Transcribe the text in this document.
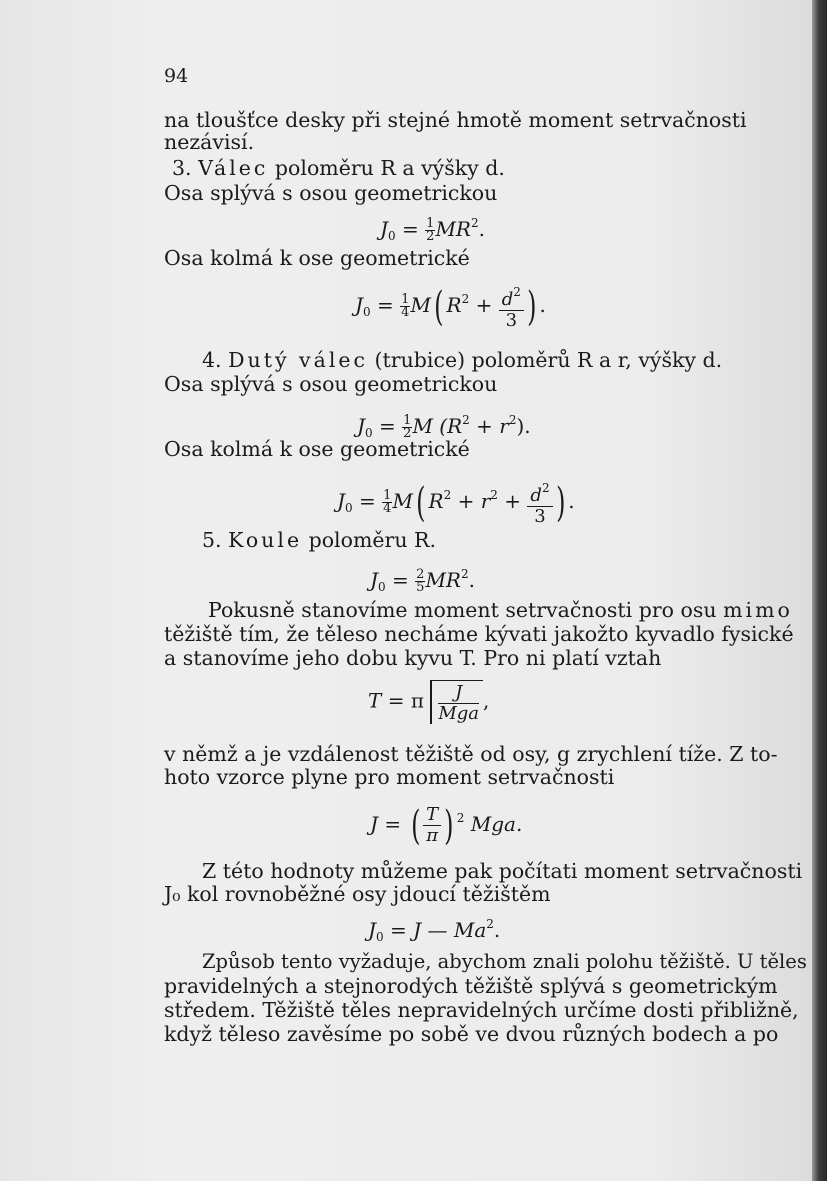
94
na tloušťce desky při stejné hmotě moment setrvačnosti
nezávisí.
3. Válec poloměru R a výšky d.
Osa splývá s osou geometrickou
$J_0 = \frac{1}{2} MR^2$.
Osa kolmá k ose geometrické
$J_0 = \frac{1}{4} M$( $R^2 + \frac{d^2}{3}$ ) .
4. Dutý válec (trubice) poloměrů R a r, výšky d.
Osa splývá s osou geometrickou
$J_0 = \frac{1}{2}$ M $(R^2 + r^2)$.
Osa kolmá k ose geometrické
$J_0 = \frac{1}{4} M$( $R^2 + r^2 + \frac{d^2}{3}$ ) .
5. Koule poloměru R.
$J_0 = \frac{2}{5} MR^2$.
Pokusně stanovíme moment setrvačnosti pro osu mimo
těžiště tím, že těleso necháme kývati jakožto kyvadlo fysické
a stanovíme jeho dobu kyvu T. Pro ni platí vztah
T = π	J
Mga
,
v němž a je vzdálenost těžiště od osy, g zrychlení tíže. Z to-
hoto vzorce plyne pro moment setrvačnosti
J = ( $\frac{T}{\pi}$ ) $^2$ Mga.
Z této hodnoty můžeme pak počítati moment setrvačnosti
J₀ kol rovnoběžné osy jdoucí těžištěm
$J_0 = J$ — Ma$^2$.
Způsob tento vyžaduje, abychom znali polohu těžiště. U těles
pravidelných a stejnorodých těžiště splývá s geometrickým
středem. Těžiště těles nepravidelných určíme dosti přibližně,
když těleso zavěsíme po sobě ve dvou různých bodech a po
